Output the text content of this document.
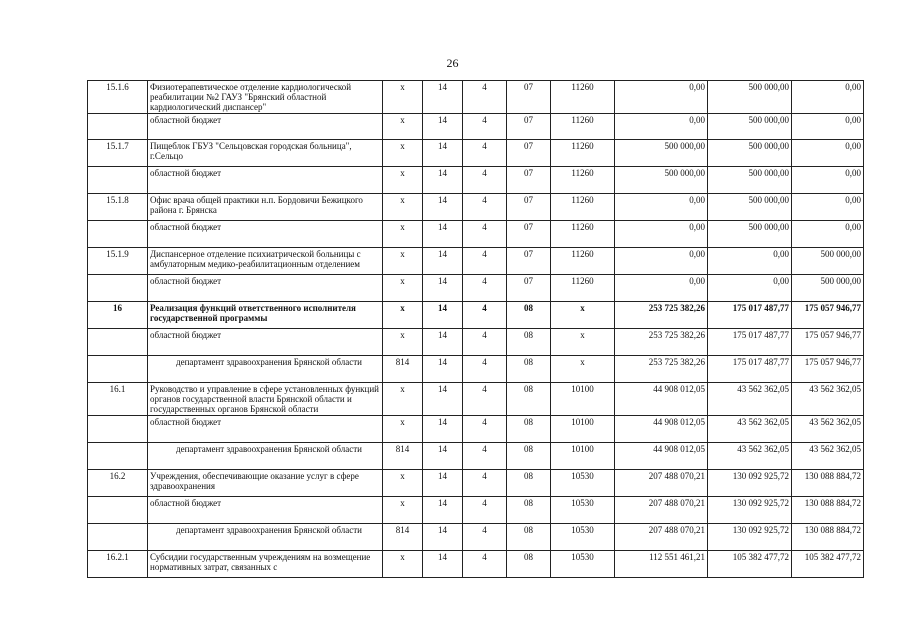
26
15.1.6	Физиотерапевтическое отделение кардиологической реабилитации №2 ГАУЗ "Брянский областной кардиологический диспансер"	х	14	4	07	11260	0,00	500 000,00	0,00
	областной бюджет	х	14	4	07	11260	0,00	500 000,00	0,00
15.1.7	Пищеблок ГБУЗ "Сельцовская городская больница", г.Сельцо	х	14	4	07	11260	500 000,00	500 000,00	0,00
	областной бюджет	х	14	4	07	11260	500 000,00	500 000,00	0,00
15.1.8	Офис врача общей практики н.п. Бордовичи Бежицкого района г. Брянска	х	14	4	07	11260	0,00	500 000,00	0,00
	областной бюджет	х	14	4	07	11260	0,00	500 000,00	0,00
15.1.9	Диспансерное отделение психиатрической больницы с амбулаторным медико-реабилитационным отделением	х	14	4	07	11260	0,00	0,00	500 000,00
	областной бюджет	х	14	4	07	11260	0,00	0,00	500 000,00
16	Реализация функций ответственного исполнителя государственной программы	х	14	4	08	х	253 725 382,26	175 017 487,77	175 057 946,77
	областной бюджет	х	14	4	08	х	253 725 382,26	175 017 487,77	175 057 946,77
	департамент здравоохранения Брянской области	814	14	4	08	х	253 725 382,26	175 017 487,77	175 057 946,77
16.1	Руководство и управление в сфере установленных функций органов государственной власти Брянской области и государственных органов Брянской области	х	14	4	08	10100	44 908 012,05	43 562 362,05	43 562 362,05
	областной бюджет	х	14	4	08	10100	44 908 012,05	43 562 362,05	43 562 362,05
	департамент здравоохранения Брянской области	814	14	4	08	10100	44 908 012,05	43 562 362,05	43 562 362,05
16.2	Учреждения, обеспечивающие оказание услуг в сфере здравоохранения	х	14	4	08	10530	207 488 070,21	130 092 925,72	130 088 884,72
	областной бюджет	х	14	4	08	10530	207 488 070,21	130 092 925,72	130 088 884,72
	департамент здравоохранения Брянской области	814	14	4	08	10530	207 488 070,21	130 092 925,72	130 088 884,72
16.2.1	Субсидии государственным учреждениям на возмещение нормативных затрат, связанных с	х	14	4	08	10530	112 551 461,21	105 382 477,72	105 382 477,72
